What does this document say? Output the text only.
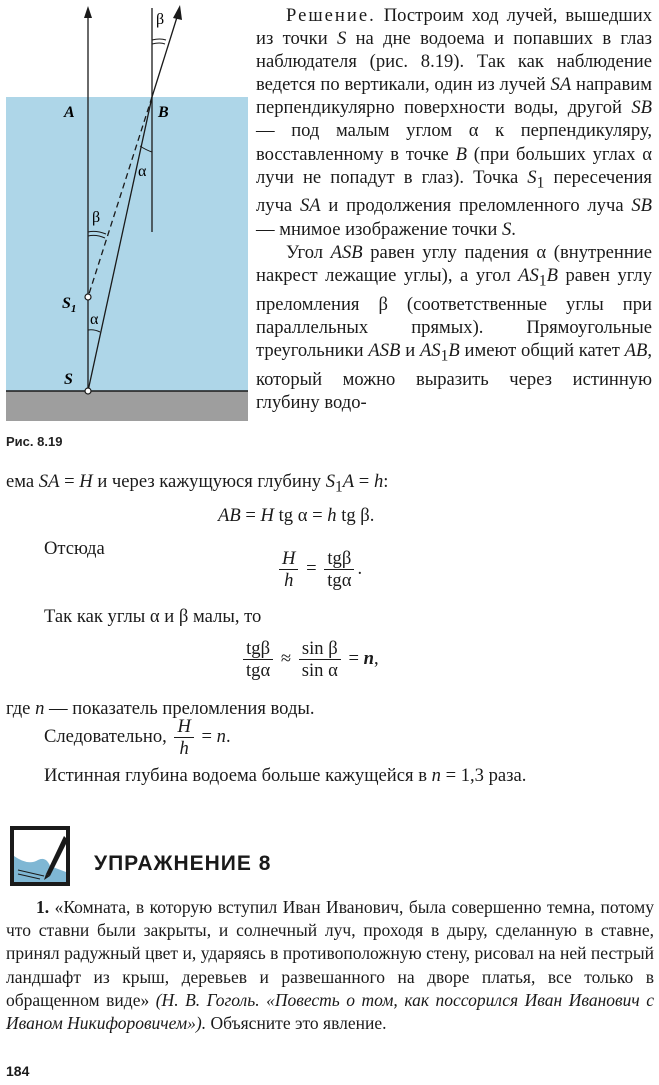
A	B
β
α
β
α
$S_1$
S
Рис. 8.19

Решение. Построим ход лучей, вышедших из точки S на дне водоема и попавших в глаз наблюдателя (рис. 8.19). Так как наблюдение ведется по вертикали, один из лучей SA направим перпендикулярно поверхности воды, другой SB — под малым углом α к перпендикуляру, восставленному в точке B (при больших углах α лучи не попадут в глаз). Точка $S_1$ пересечения луча SA и продолжения преломленного луча SB — мнимое изображение точки S.

Угол ASB равен углу падения α (внутренние накрест лежащие углы), а угол $AS_1B$ равен углу преломления β (соответственные углы при параллельных прямых). Прямоугольные треугольники ASB и $AS_1B$ имеют общий катет AB, который можно выразить через истинную глубину водо-

ема SA = H и через кажущуюся глубину $S_1A = h$:
AB = H tg α = h tg β.
Отсюда	$\frac{H}{h} = \frac{\text{tgβ}}{\text{tgα}}$ .
Так как углы α и β малы, то
$\frac{\text{tgβ}}{\text{tgα}} \approx \frac{\text{sin β}}{\text{sin α}} = n$,
где n — показатель преломления воды.
Следовательно, $\frac{H}{h} = n$.
Истинная глубина водоема больше кажущейся в n = 1,3 раза.
УПРАЖНЕНИЕ 8

1. «Комната, в которую вступил Иван Иванович, была совершенно темна, потому что ставни были закрыты, и солнечный луч, проходя в дыру, сделанную в ставне, принял радужный цвет и, ударяясь в противоположную стену, рисовал на ней пестрый ландшафт из крыш, деревьев и развешанного на дворе платья, все только в обращенном виде» (Н. В. Гоголь. «Повесть о том, как поссорился Иван Иванович с Иваном Никифоровичем»). Объясните это явление.

184
